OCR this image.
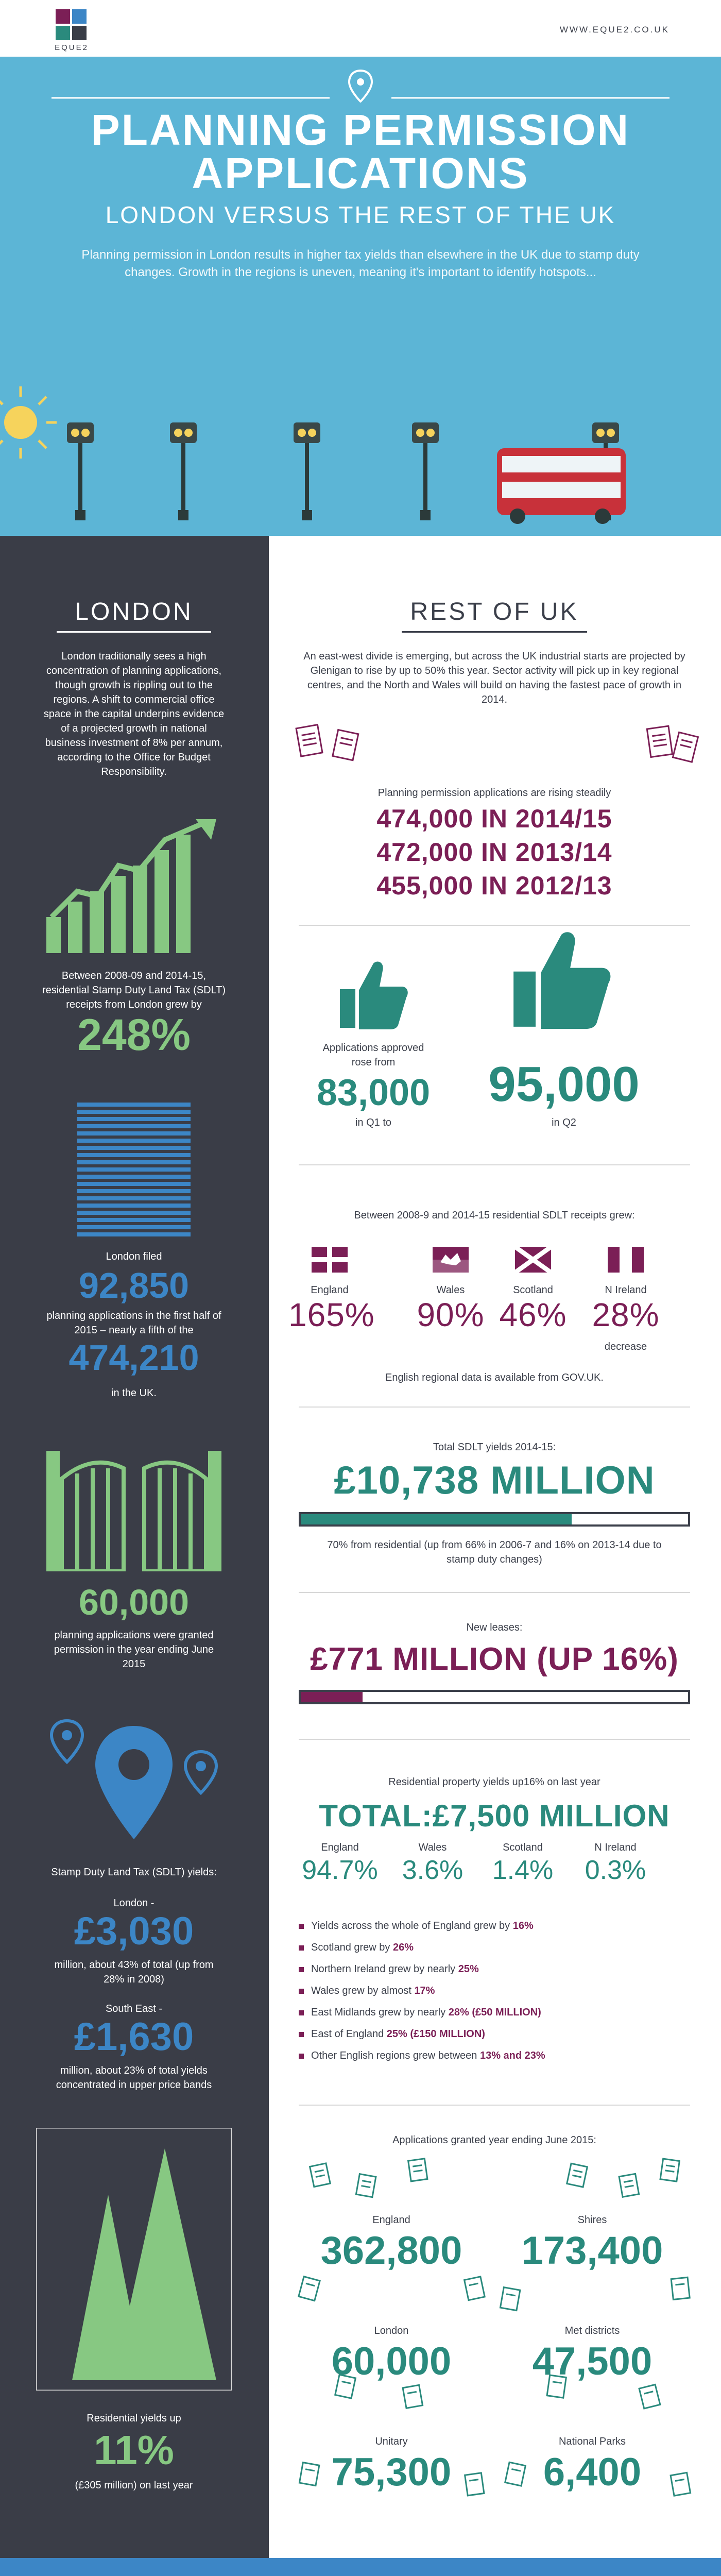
EQUE2
WWW.EQUE2.CO.UK
PLANNING PERMISSION
APPLICATIONS
LONDON VERSUS THE REST OF THE UK
Planning permission in London results in higher tax yields than elsewhere in the UK due to stamp duty changes. Growth in the regions is uneven, meaning it's important to identify hotspots...
LONDON
London traditionally sees a high concentration of planning applications, though growth is rippling out to the regions. A shift to commercial office space in the capital underpins evidence of a projected growth in national business investment of 8% per annum, according to the Office for Budget Responsibility.
Between 2008-09 and 2014-15, residential Stamp Duty Land Tax (SDLT) receipts from London grew by
248%
London filed
92,850
planning applications in the first half of 2015 – nearly a fifth of the
474,210
in the UK.
60,000
planning applications were granted permission in the year ending June 2015
Stamp Duty Land Tax (SDLT) yields:
London -
£3,030
million, about 43% of total (up from 28% in 2008)
South East -
£1,630
million, about 23% of total yields concentrated in upper price bands
Residential yields up
11%
(£305 million) on last year
REST OF UK
An east-west divide is emerging, but across the UK industrial starts are projected by Glenigan to rise by up to 50% this year. Sector activity will pick up in key regional centres, and the North and Wales will build on having the fastest pace of growth in 2014.
Planning permission applications are rising steadily
474,000 IN 2014/15
472,000 IN 2013/14
455,000 IN 2012/13
Applications approved rose from
83,000
in Q1 to
95,000
in Q2
Between 2008-9 and 2014-15 residential SDLT receipts grew:
England	Wales	Scotland	N Ireland
165% 90% 46% 28%
decrease
English regional data is available from GOV.UK.
Total SDLT yields 2014-15:
£10,738 MILLION
70% from residential (up from 66% in 2006-7 and 16% on 2013-14 due to stamp duty changes)
New leases:
£771 MILLION (UP 16%)
Residential property yields up16% on last year
TOTAL:£7,500 MILLION
England	Wales	Scotland	N Ireland
94.7% 3.6%	1.4%	0.3%
Yields across the whole of England grew by 16%
Scotland grew by 26%
Northern Ireland grew by nearly 25%
Wales grew by almost 17%
East Midlands grew by nearly 28% (£50 MILLION)
East of England 25% (£150 MILLION)
Other English regions grew between 13% and 23%
Applications granted year ending June 2015:
England
362,800
Shires
173,400
London
60,000
Met districts
47,500
Unitary
75,300
National Parks
6,400
